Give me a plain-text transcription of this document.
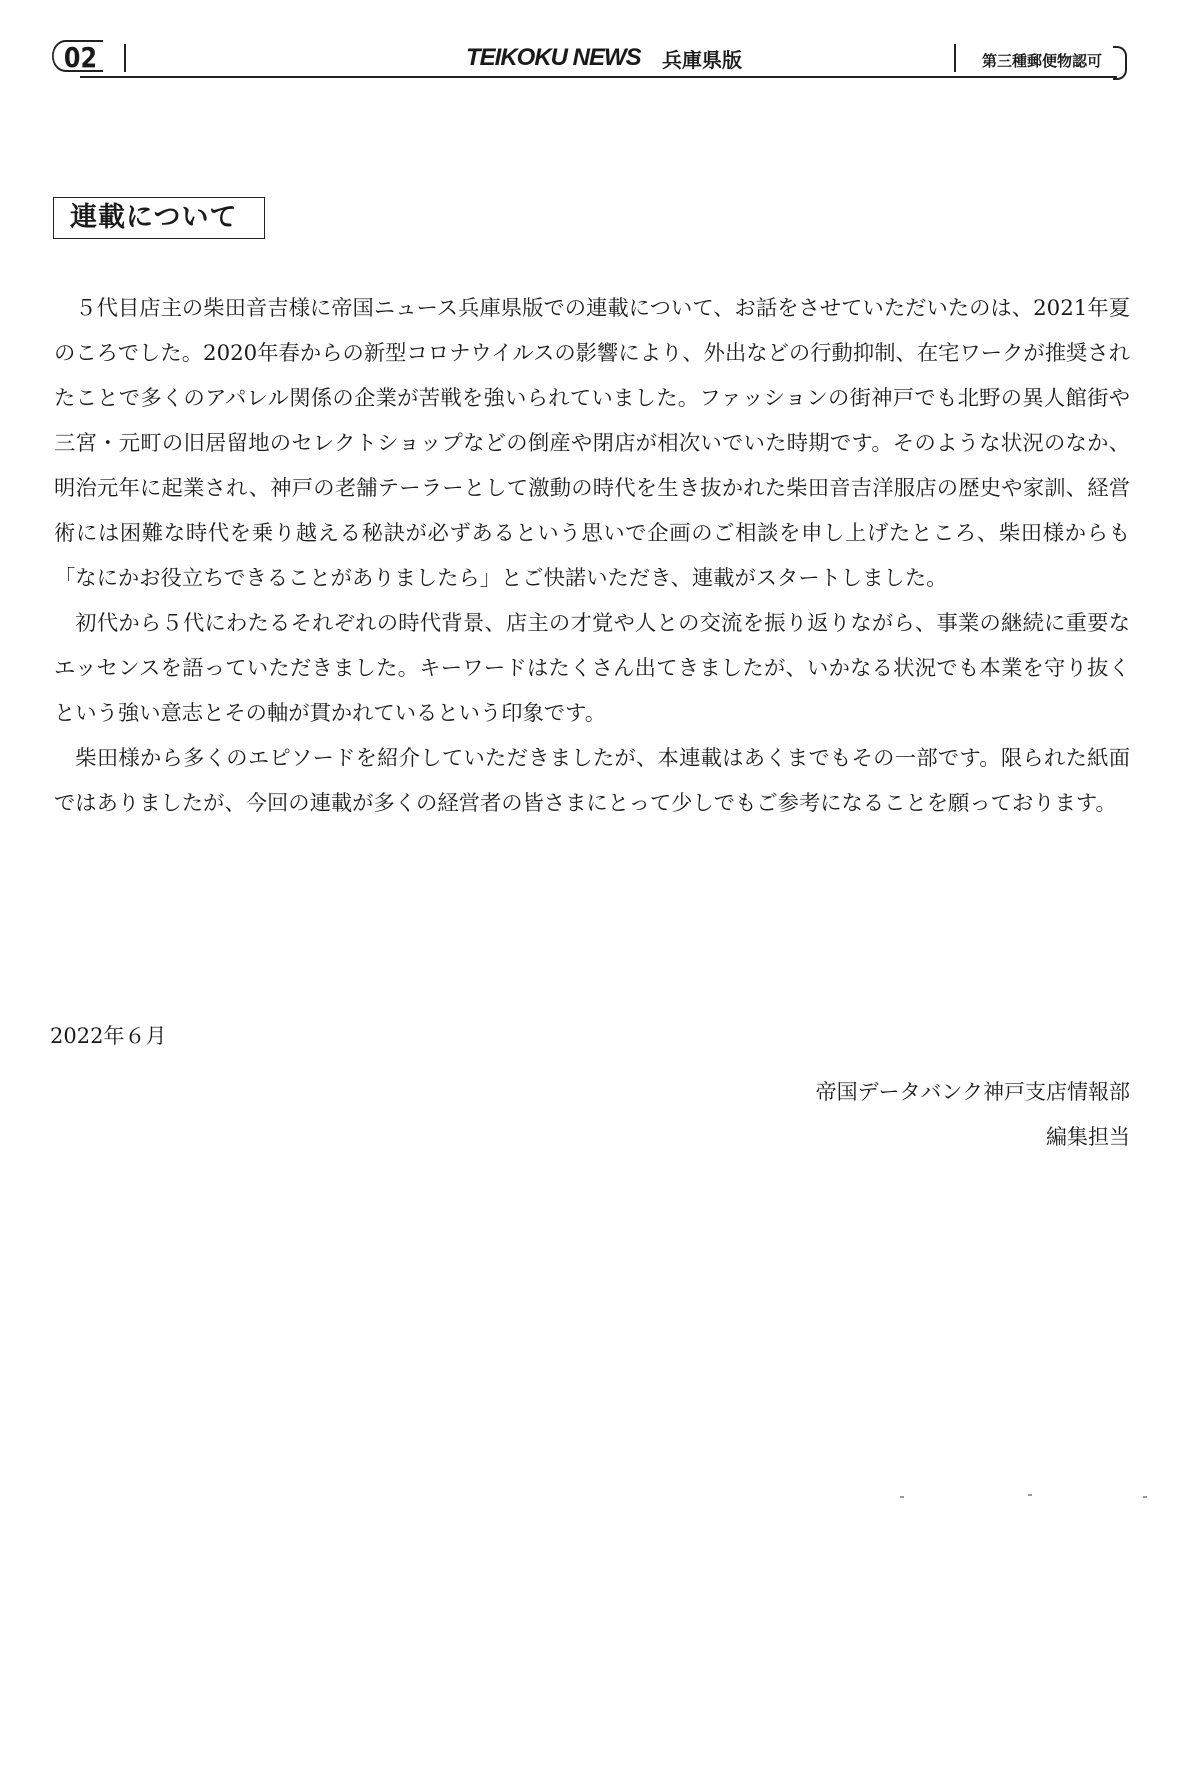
02	TEIKOKU NEWS 兵庫県版	第三種郵便物認可
連載について

５代目店主の柴田音吉様に帝国ニュース兵庫県版での連載について、お話をさせていただいたのは、2021年夏のころでした。2020年春からの新型コロナウイルスの影響により、外出などの行動抑制、在宅ワークが推奨されたことで多くのアパレル関係の企業が苦戦を強いられていました。ファッションの街神戸でも北野の異人館街や三宮・元町の旧居留地のセレクトショップなどの倒産や閉店が相次いでいた時期です。そのような状況のなか、明治元年に起業され、神戸の老舗テーラーとして激動の時代を生き抜かれた柴田音吉洋服店の歴史や家訓、経営術には困難な時代を乗り越える秘訣が必ずあるという思いで企画のご相談を申し上げたところ、柴田様からも「なにかお役立ちできることがありましたら」とご快諾いただき、連載がスタートしました。

初代から５代にわたるそれぞれの時代背景、店主の才覚や人との交流を振り返りながら、事業の継続に重要なエッセンスを語っていただきました。キーワードはたくさん出てきましたが、いかなる状況でも本業を守り抜くという強い意志とその軸が貫かれているという印象です。

柴田様から多くのエピソードを紹介していただきましたが、本連載はあくまでもその一部です。限られた紙面ではありましたが、今回の連載が多くの経営者の皆さまにとって少しでもご参考になることを願っております。

2022年６月
帝国データバンク神戸支店情報部
編集担当
